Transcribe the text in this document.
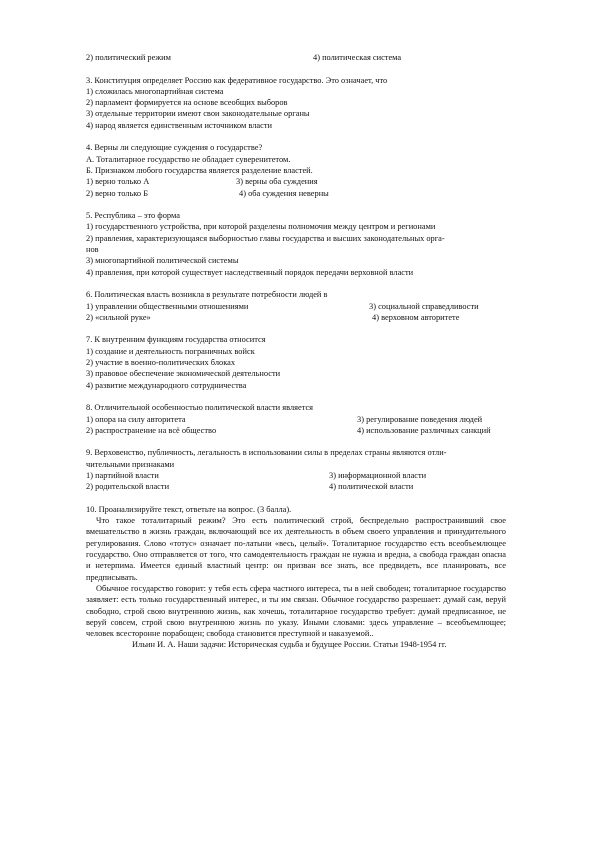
2) политический режим	4) политическая система
3. Конституция определяет Россию как федеративное государство. Это означает, что
1) сложилась многопартийная система
2) парламент формируется на основе всеобщих выборов
3) отдельные территории имеют свои законодательные органы
4) народ является единственным источником власти
4. Верны ли следующие суждения о государстве?
А. Тоталитарное государство не обладает суверенитетом.
Б. Признаком любого государства является разделение властей.
1) верно только А	3) верны оба суждения
2) верно только Б	4) оба суждения неверны
5. Республика – это форма
1) государственного устройства, при которой разделены полномочия между центром и регионами
2) правления, характеризующаяся выборностью главы государства и высших законодательных орга-
нов
3) многопартийной политической системы
4) правления, при которой существует наследственный порядок передачи верховной власти
6. Политическая власть возникла в результате потребности людей в
1) управлении общественными отношениями	3) социальной справедливости
2) «сильной руке»	4) верховном авторитете
7. К внутренним функциям государства относится
1) создание и деятельность пограничных войск
2) участие в военно-политических блоках
3) правовое обеспечение экономической деятельности
4) развитие международного сотрудничества
8. Отличительной особенностью политической власти является
1) опора на силу авторитета	3) регулирование поведения людей
2) распространение на всё общество	4) использование различных санкций
9. Верховенство, публичность, легальность в использовании силы в пределах страны являются отли-
чительными признаками
1) партийной власти	3) информационной власти
2) родительской власти	4) политической власти
10. Проанализируйте текст, ответьте на вопрос. (3 балла).

Что такое тоталитарный режим? Это есть политический строй, беспредельно распространивший свое вмешательство в жизнь граждан, включающий все их деятельность в объем своего управления и принудительного регулирования. Слово «тотус» означает по-латыни «весь, целый». Тоталитарное государство есть всеобъемлющее государство. Оно отправляется от того, что самодеятельность граждан не нужна и вредна, а свобода граждан опасна и нетерпима. Имеется единый властный центр: он призван все знать, все предвидеть, все планировать, все предписывать.

Обычное государство говорит: у тебя есть сфера частного интереса, ты в ней свободен; тоталитарное государство заявляет: есть только государственный интерес, и ты им связан. Обычное государство разрешает: думай сам, веруй свободно, строй свою внутреннюю жизнь, как хочешь, тоталитарное государство требует: думай предписанное, не веруй совсем, строй свою внутреннюю жизнь по указу. Иными словами: здесь управление – всеобъемлющее; человек всесторонне порабощен; свобода становится преступной и наказуемой..

Ильин И. А. Наши задачи: Историческая судьба и будущее России. Статьи 1948-1954 гг.
